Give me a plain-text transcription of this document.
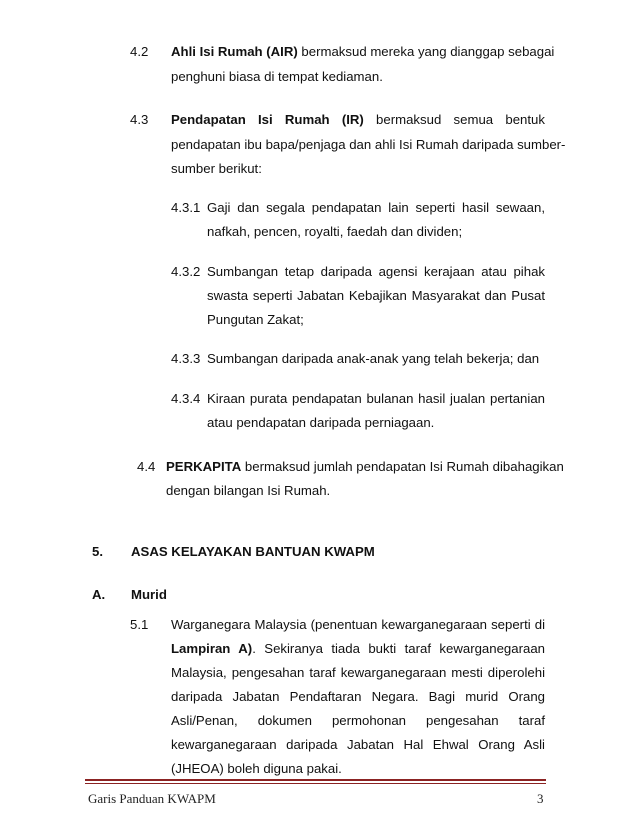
4.2 Ahli Isi Rumah (AIR) bermaksud mereka yang dianggap sebagai
penghuni biasa di tempat kediaman.
4.3 Pendapatan Isi Rumah (IR) bermaksud semua bentuk
pendapatan ibu bapa/penjaga dan ahli Isi Rumah daripada sumber-
sumber berikut:
4.3.1 Gaji dan segala pendapatan lain seperti hasil sewaan,
nafkah, pencen, royalti, faedah dan dividen;
4.3.2 Sumbangan tetap daripada agensi kerajaan atau pihak
swasta seperti Jabatan Kebajikan Masyarakat dan Pusat
Pungutan Zakat;
4.3.3 Sumbangan daripada anak-anak yang telah bekerja; dan
4.3.4 Kiraan purata pendapatan bulanan hasil jualan pertanian
atau pendapatan daripada perniagaan.
4.4 PERKAPITA bermaksud jumlah pendapatan Isi Rumah dibahagikan
dengan bilangan Isi Rumah.
5. ASAS KELAYAKAN BANTUAN KWAPM
A. Murid
5.1 Warganegara Malaysia (penentuan kewarganegaraan seperti di
Lampiran A). Sekiranya tiada bukti taraf kewarganegaraan
Malaysia, pengesahan taraf kewarganegaraan mesti diperolehi
daripada Jabatan Pendaftaran Negara. Bagi murid Orang
Asli/Penan, dokumen permohonan pengesahan taraf
kewarganegaraan daripada Jabatan Hal Ehwal Orang Asli
Garis Panduan KWAPM	3
(JHEOA) boleh diguna pakai.
